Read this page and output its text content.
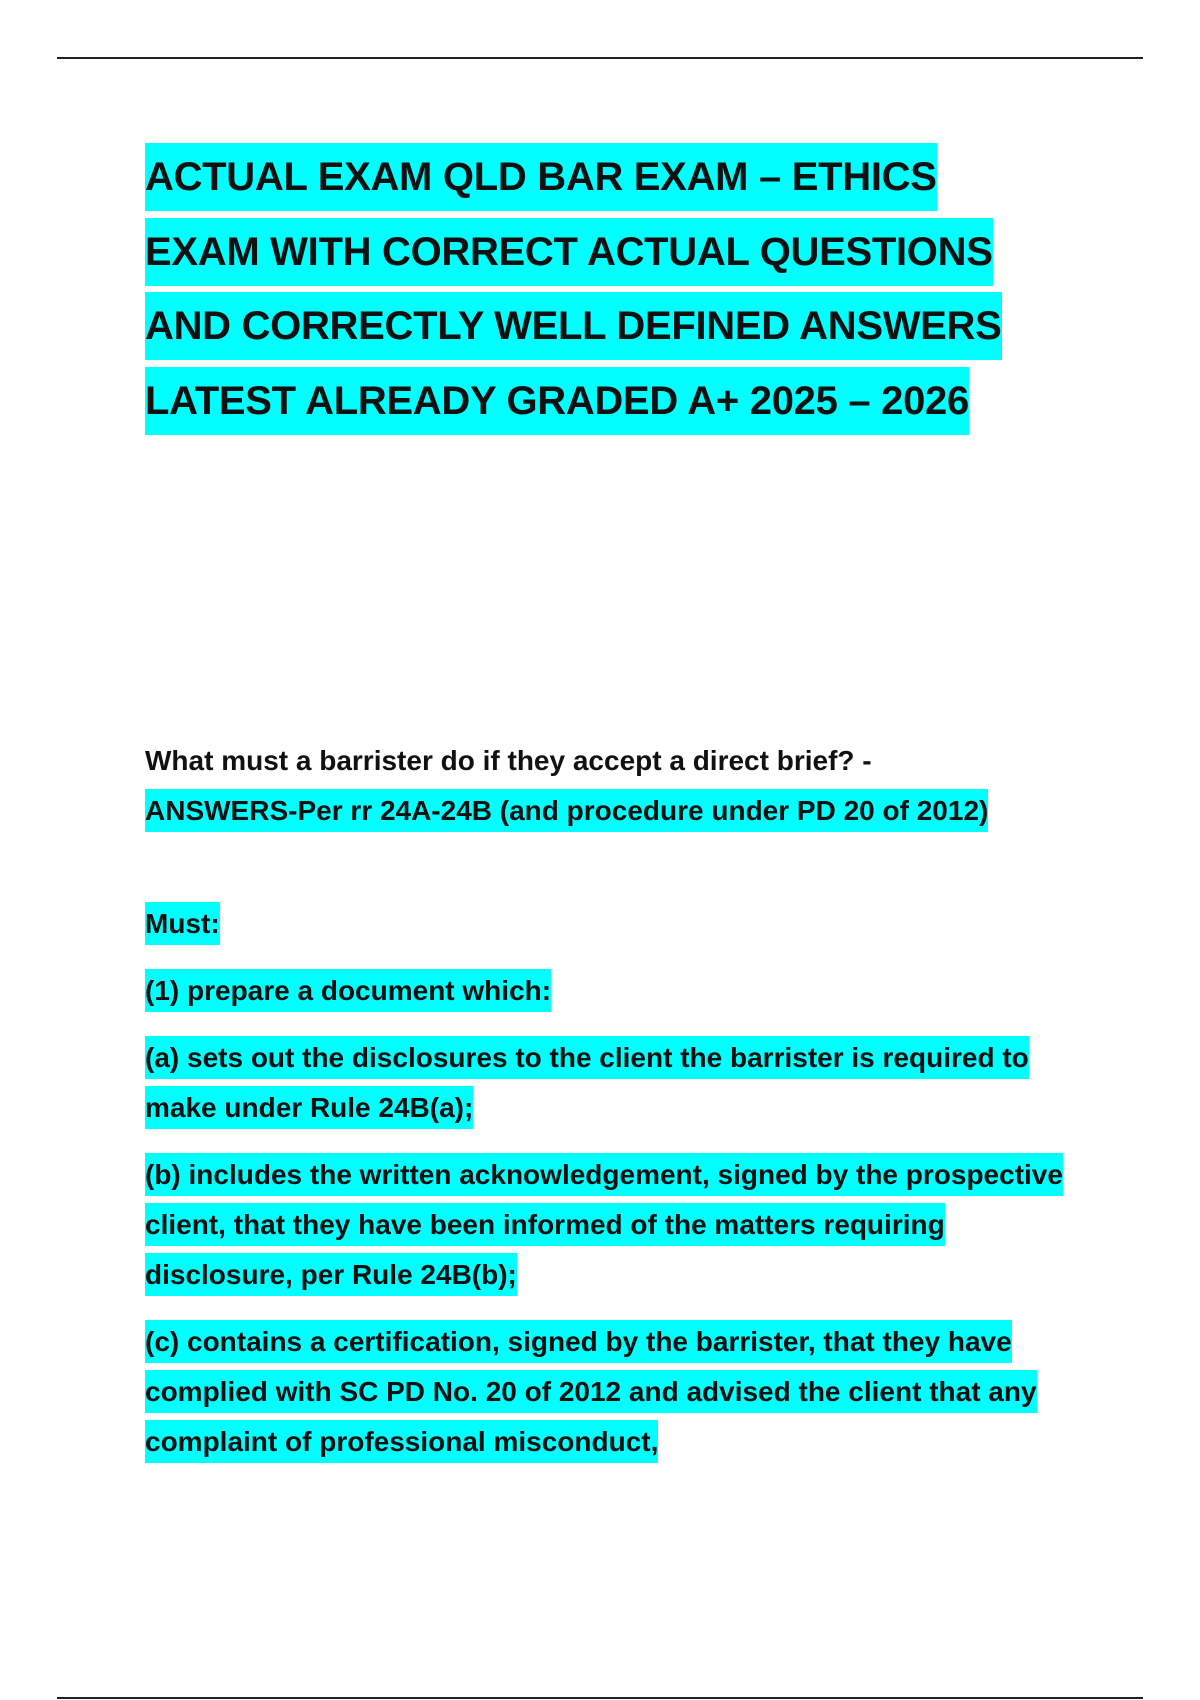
ACTUAL EXAM QLD BAR EXAM – ETHICS EXAM WITH CORRECT ACTUAL QUESTIONS AND CORRECTLY WELL DEFINED ANSWERS LATEST ALREADY GRADED A+ 2025 – 2026

What must a barrister do if they accept a direct brief? -

ANSWERS-Per rr 24A-24B (and procedure under PD 20 of 2012)

Must:

(1) prepare a document which:

(a) sets out the disclosures to the client the barrister is required to make under Rule 24B(a);

(b) includes the written acknowledgement, signed by the prospective client, that they have been informed of the matters requiring disclosure, per Rule 24B(b);

(c) contains a certification, signed by the barrister, that they have complied with SC PD No. 20 of 2012 and advised the client that any complaint of professional misconduct,
